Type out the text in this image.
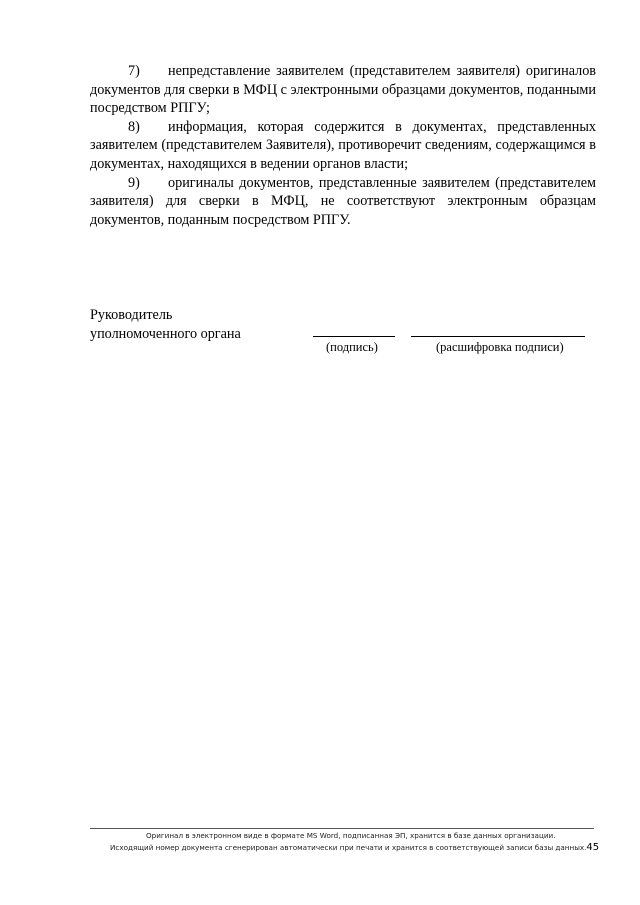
7) непредставление заявителем (представителем заявителя) оригиналов документов для сверки в МФЦ с электронными образцами документов, поданными посредством РПГУ;

8) информация, которая содержится в документах, представленных заявителем (представителем Заявителя), противоречит сведениям, содержащимся в документах, находящихся в ведении органов власти;

9) оригиналы документов, представленные заявителем (представителем заявителя) для сверки в МФЦ, не соответствуют электронным образцам документов, поданным посредством РПГУ.

Руководитель
уполномоченного органа
(подпись)	(расшифровка подписи)
Оригинал в электронном виде в формате MS Word, подписанная ЭП, хранится в базе данных организации.
Исходящий номер документа сгенерирован автоматически при печати и хранится в соответствующей записи базы данных.45
